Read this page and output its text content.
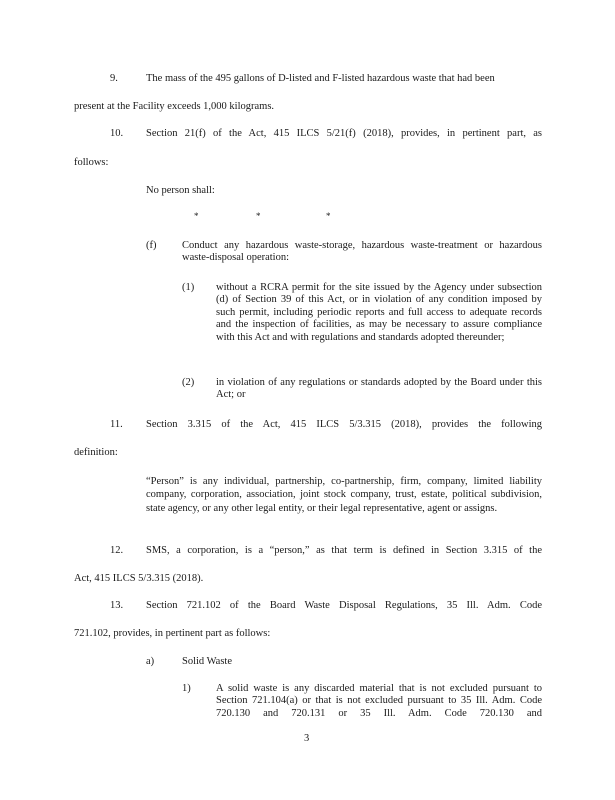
9.	The mass of the 495 gallons of D-listed and F-listed hazardous waste that had been
present at the Facility exceeds 1,000 kilograms.
10. Section 21(f) of the Act, 415 ILCS 5/21(f) (2018), provides, in pertinent part, as
follows:
No person shall:
*	*	*
(f) Conduct any hazardous waste-storage, hazardous waste-treatment or hazardous waste-disposal operation:
(1) without a RCRA permit for the site issued by the Agency under subsection (d) of Section 39 of this Act, or in violation of any condition imposed by such permit, including periodic reports and full access to adequate records and the inspection of facilities, as may be necessary to assure compliance with this Act and with regulations and standards adopted thereunder;
(2) in violation of any regulations or standards adopted by the Board under this Act; or
11. Section 3.315 of the Act, 415 ILCS 5/3.315 (2018), provides the following
definition:
“Person” is any individual, partnership, co-partnership, firm, company, limited liability company, corporation, association, joint stock company, trust, estate, political subdivision, state agency, or any other legal entity, or their legal representative, agent or assigns.
12. SMS, a corporation, is a “person,” as that term is defined in Section 3.315 of the
Act, 415 ILCS 5/3.315 (2018).
13. Section 721.102 of the Board Waste Disposal Regulations, 35 Ill. Adm. Code
721.102, provides, in pertinent part as follows:
a)	Solid Waste
1) A solid waste is any discarded material that is not excluded pursuant to Section 721.104(a) or that is not excluded pursuant to 35 Ill. Adm. Code 720.130 and 720.131 or 35 Ill. Adm. Code 720.130 and
3
